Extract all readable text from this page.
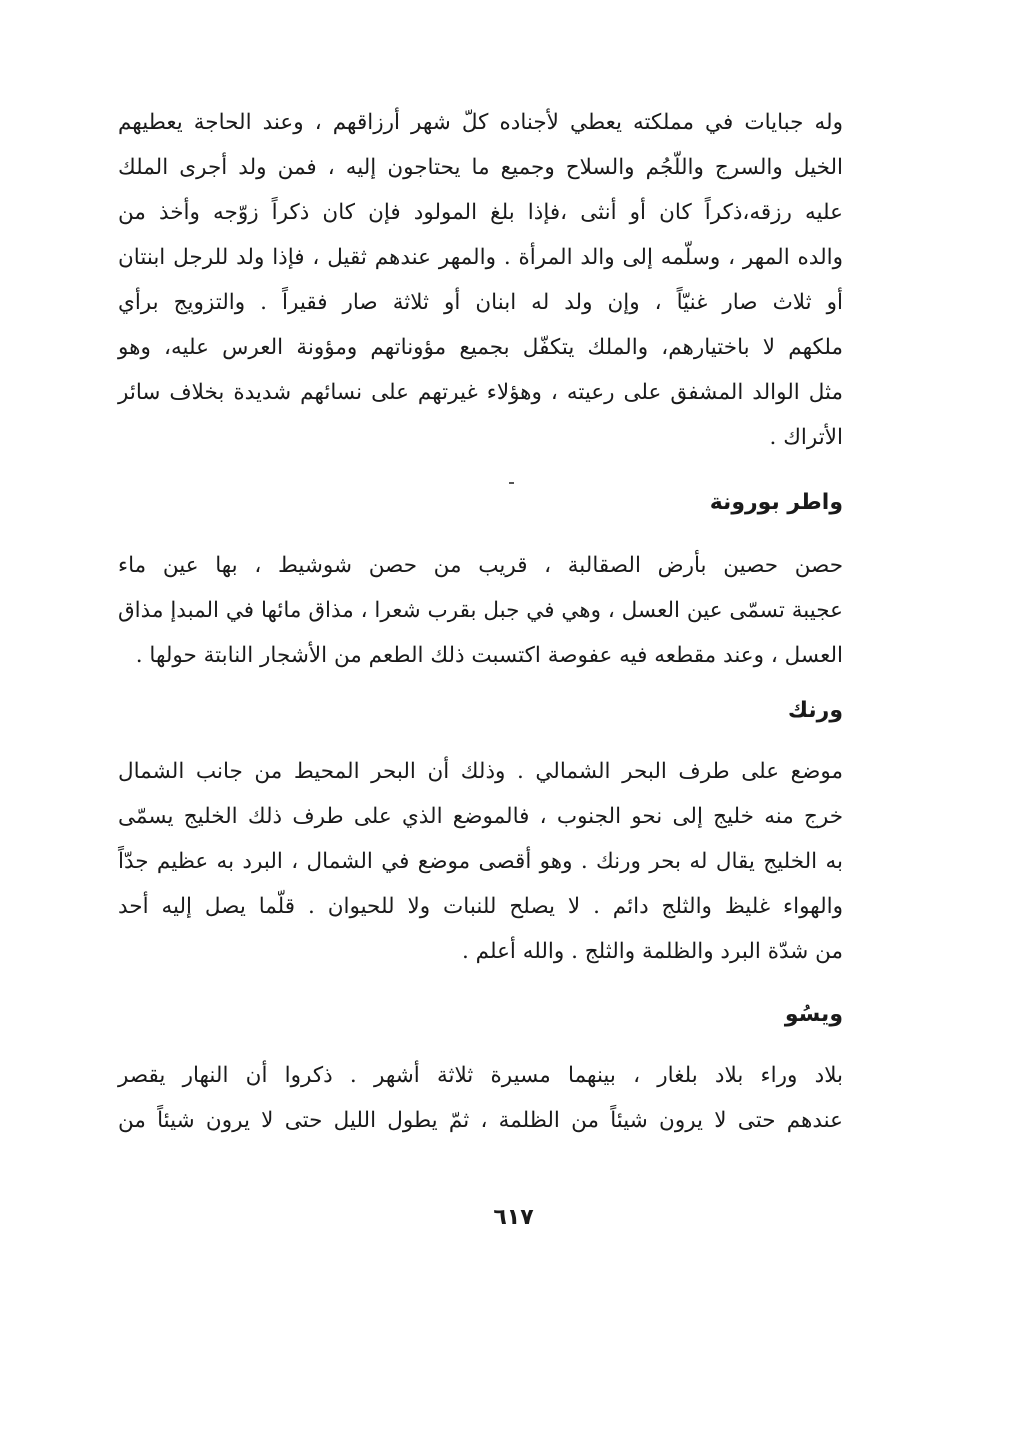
وله جبايات في مملكته يعطي لأجناده كلّ شهر أرزاقهم ، وعند الحاجة يعطيهم
الخيل والسرج واللّجُم والسلاح وجميع ما يحتاجون إليه ، فمن ولد أجرى الملك
عليه رزقه،ذكراً كان أو أنثى ،فإذا بلغ المولود فإن كان ذكراً زوّجه وأخذ من
والده المهر ، وسلّمه إلى والد المرأة . والمهر عندهم ثقيل ، فإذا ولد للرجل ابنتان
أو ثلاث صار غنيّاً ، وإن ولد له ابنان أو ثلاثة صار فقيراً . والتزويج برأي
ملكهم لا باختيارهم، والملك يتكفّل بجميع مؤوناتهم ومؤونة العرس عليه، وهو
مثل الوالد المشفق على رعيته ، وهؤلاء غيرتهم على نسائهم شديدة بخلاف سائر
الأتراك .

واطر بورونة

حصن حصين بأرض الصقالبة ، قريب من حصن شوشيط ، بها عين ماء
عجيبة تسمّى عين العسل ، وهي في جبل بقرب شعرا ، مذاق مائها في المبدإ مذاق
العسل ، وعند مقطعه فيه عفوصة اكتسبت ذلك الطعم من الأشجار النابتة حولها .

ورنك

موضع على طرف البحر الشمالي . وذلك أن البحر المحيط من جانب الشمال
خرج منه خليج إلى نحو الجنوب ، فالموضع الذي على طرف ذلك الخليج يسمّى
به الخليج يقال له بحر ورنك . وهو أقصى موضع في الشمال ، البرد به عظيم جدّاً
والهواء غليظ والثلج دائم . لا يصلح للنبات ولا للحيوان . قلّما يصل إليه أحد
من شدّة البرد والظلمة والثلج . والله أعلم .

ويسُو

بلاد وراء بلاد بلغار ، بينهما مسيرة ثلاثة أشهر . ذكروا أن النهار يقصر
عندهم حتى لا يرون شيئاً من الظلمة ، ثمّ يطول الليل حتى لا يرون شيئاً من

٦١٧
